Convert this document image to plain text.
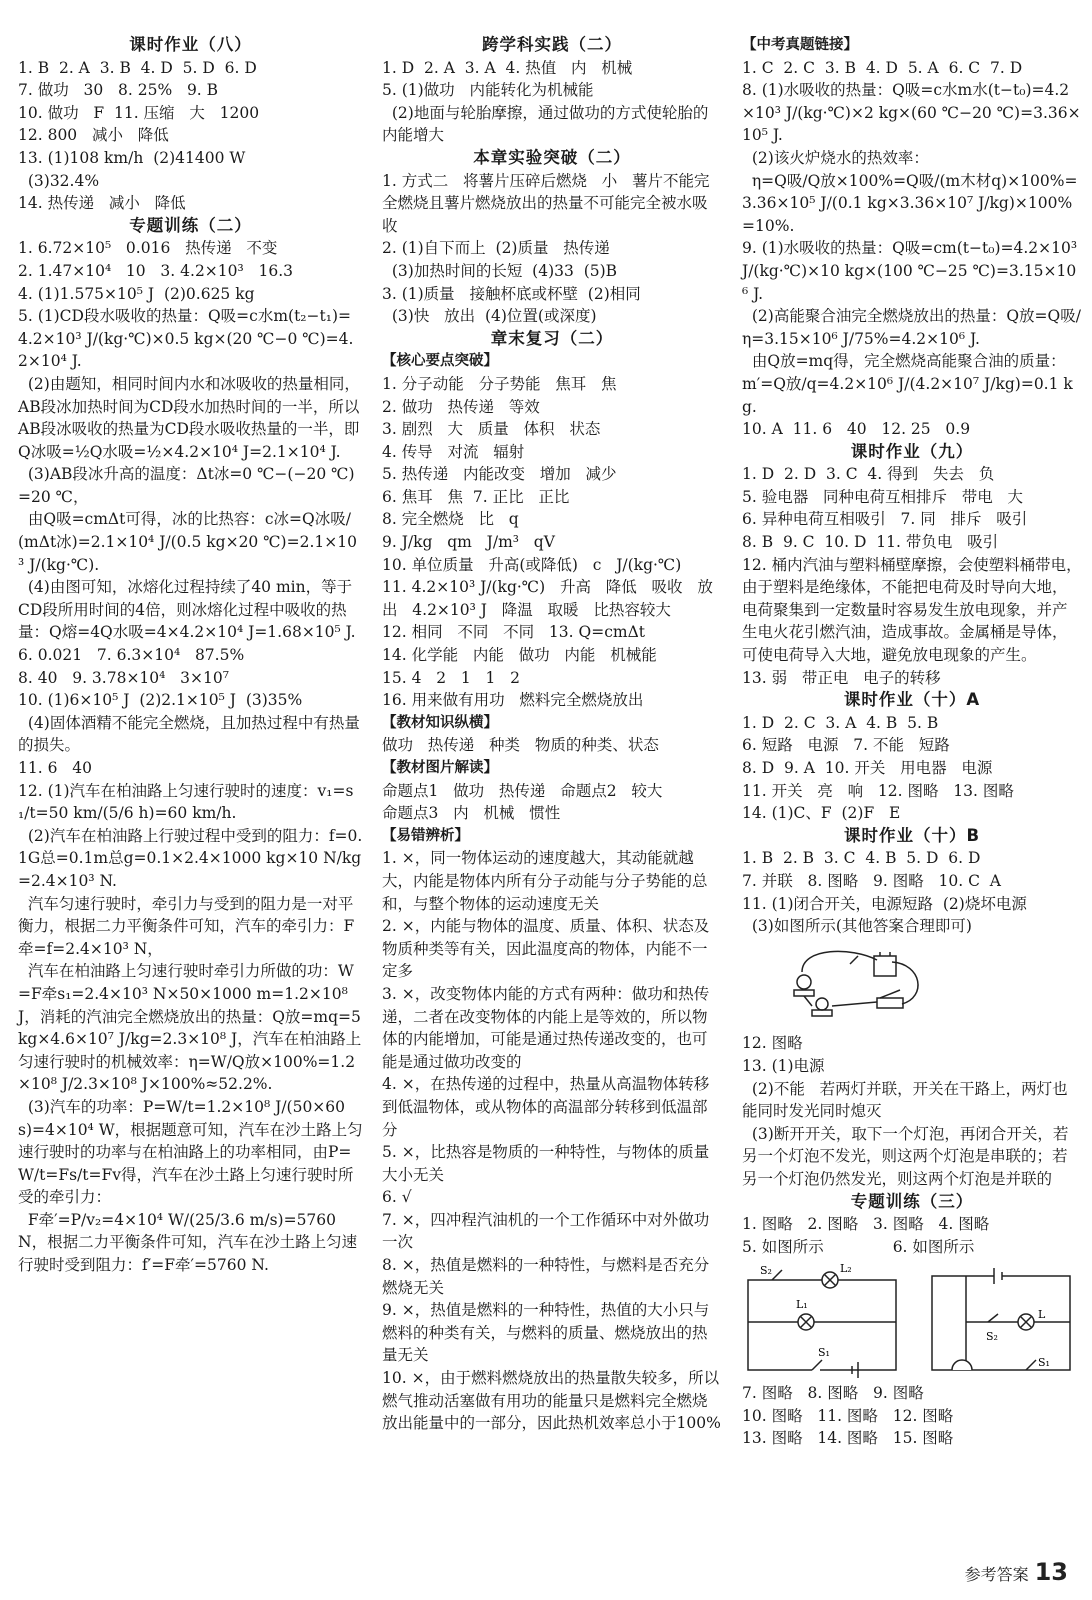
课时作业（八）
1. B  2. A  3. B  4. D  5. D  6. D
7. 做功   30   8. 25%   9. B
10. 做功   F  11. 压缩   大   1200
12. 800   减小   降低
13. (1)108 km/h  (2)41400 W
(3)32.4%
14. 热传递   减小   降低
专题训练（二）
1. 6.72×10⁵   0.016   热传递   不变
2. 1.47×10⁴   10   3. 4.2×10³   16.3
4. (1)1.575×10⁵ J  (2)0.625 kg
5. (1)CD段水吸收的热量：Q吸=c水m(t₂−t₁)=4.2×10³ J/(kg·℃)×0.5 kg×(20 ℃−0 ℃)=4.2×10⁴ J.
(2)由题知，相同时间内水和冰吸收的热量相同，AB段冰加热时间为CD段水加热时间的一半，所以AB段冰吸收的热量为CD段水吸收热量的一半，即Q冰吸=½Q水吸=½×4.2×10⁴ J=2.1×10⁴ J.
(3)AB段冰升高的温度：Δt冰=0 ℃−(−20 ℃)=20 ℃，
由Q吸=cmΔt可得，冰的比热容：c冰=Q冰吸/(mΔt冰)=2.1×10⁴ J/(0.5 kg×20 ℃)=2.1×10³ J/(kg·℃).
(4)由图可知，冰熔化过程持续了40 min，等于CD段所用时间的4倍，则冰熔化过程中吸收的热量：Q熔=4Q水吸=4×4.2×10⁴ J=1.68×10⁵ J.
6. 0.021   7. 6.3×10⁴   87.5%
8. 40   9. 3.78×10⁴   3×10⁷
10. (1)6×10⁵ J  (2)2.1×10⁵ J  (3)35%
(4)固体酒精不能完全燃烧，且加热过程中有热量的损失。
11. 6   40
12. (1)汽车在柏油路上匀速行驶时的速度：v₁=s₁/t=50 km/(5/6 h)=60 km/h.
(2)汽车在柏油路上行驶过程中受到的阻力：f=0.1G总=0.1m总g=0.1×2.4×1000 kg×10 N/kg=2.4×10³ N.
汽车匀速行驶时，牵引力与受到的阻力是一对平衡力，根据二力平衡条件可知，汽车的牵引力：F牵=f=2.4×10³ N，
汽车在柏油路上匀速行驶时牵引力所做的功：W=F牵s₁=2.4×10³ N×50×1000 m=1.2×10⁸ J，消耗的汽油完全燃烧放出的热量：Q放=mq=5 kg×4.6×10⁷ J/kg=2.3×10⁸ J，汽车在柏油路上匀速行驶时的机械效率：η=W/Q放×100%=1.2×10⁸ J/2.3×10⁸ J×100%≈52.2%.
(3)汽车的功率：P=W/t=1.2×10⁸ J/(50×60 s)=4×10⁴ W，根据题意可知，汽车在沙土路上匀速行驶时的功率与在柏油路上的功率相同，由P=W/t=Fs/t=Fv得，汽车在沙土路上匀速行驶时所受的牵引力：
F牵′=P/v₂=4×10⁴ W/(25/3.6 m/s)=5760 N，根据二力平衡条件可知，汽车在沙土路上匀速行驶时受到阻力：f′=F牵′=5760 N.
跨学科实践（二）
1. D  2. A  3. A  4. 热值   内   机械
5. (1)做功   内能转化为机械能
(2)地面与轮胎摩擦，通过做功的方式使轮胎的内能增大
本章实验突破（二）
1. 方式二   将薯片压碎后燃烧   小   薯片不能完全燃烧且薯片燃烧放出的热量不可能完全被水吸收
2. (1)自下而上  (2)质量   热传递
(3)加热时间的长短  (4)33  (5)B
3. (1)质量   接触杯底或杯壁  (2)相同
(3)快   放出  (4)位置(或深度)
章末复习（二）
【核心要点突破】
1. 分子动能   分子势能   焦耳   焦
2. 做功   热传递   等效
3. 剧烈   大   质量   体积   状态
4. 传导   对流   辐射
5. 热传递   内能改变   增加   减少
6. 焦耳   焦  7. 正比   正比
8. 完全燃烧   比   q
9. J/kg   qm   J/m³   qV
10. 单位质量   升高(或降低)   c   J/(kg·℃)
11. 4.2×10³ J/(kg·℃)   升高   降低   吸收   放出   4.2×10³ J   降温   取暖   比热容较大
12. 相同   不同   不同   13. Q=cmΔt
14. 化学能   内能   做功   内能   机械能
15. 4   2   1   1   2
16. 用来做有用功   燃料完全燃烧放出
【教材知识纵横】
做功   热传递   种类   物质的种类、状态
【教材图片解读】
命题点1   做功   热传递   命题点2   较大
命题点3   内   机械   惯性
【易错辨析】
1. ×，同一物体运动的速度越大，其动能就越大，内能是物体内所有分子动能与分子势能的总和，与整个物体的运动速度无关
2. ×，内能与物体的温度、质量、体积、状态及物质种类等有关，因此温度高的物体，内能不一定多
3. ×，改变物体内能的方式有两种：做功和热传递，二者在改变物体的内能上是等效的，所以物体的内能增加，可能是通过热传递改变的，也可能是通过做功改变的
4. ×，在热传递的过程中，热量从高温物体转移到低温物体，或从物体的高温部分转移到低温部分
5. ×，比热容是物质的一种特性，与物体的质量大小无关
6. √
7. ×，四冲程汽油机的一个工作循环中对外做功一次
8. ×，热值是燃料的一种特性，与燃料是否充分燃烧无关
9. ×，热值是燃料的一种特性，热值的大小只与燃料的种类有关，与燃料的质量、燃烧放出的热量无关
10. ×，由于燃料燃烧放出的热量散失较多，所以燃气推动活塞做有用功的能量只是燃料完全燃烧放出能量中的一部分，因此热机效率总小于100%
【中考真题链接】
1. C  2. C  3. B  4. D  5. A  6. C  7. D
8. (1)水吸收的热量：Q吸=c水m水(t−t₀)=4.2×10³ J/(kg·℃)×2 kg×(60 ℃−20 ℃)=3.36×10⁵ J.
(2)该火炉烧水的热效率：
η=Q吸/Q放×100%=Q吸/(m木材q)×100%=3.36×10⁵ J/(0.1 kg×3.36×10⁷ J/kg)×100%=10%.
9. (1)水吸收的热量：Q吸=cm(t−t₀)=4.2×10³ J/(kg·℃)×10 kg×(100 ℃−25 ℃)=3.15×10⁶ J.
(2)高能聚合油完全燃烧放出的热量：Q放=Q吸/η=3.15×10⁶ J/75%=4.2×10⁶ J.
由Q放=mq得，完全燃烧高能聚合油的质量：m′=Q放/q=4.2×10⁶ J/(4.2×10⁷ J/kg)=0.1 kg.
10. A  11. 6   40   12. 25   0.9
课时作业（九）
1. D  2. D  3. C  4. 得到   失去   负
5. 验电器   同种电荷互相排斥   带电   大
6. 异种电荷互相吸引   7. 同   排斥   吸引
8. B  9. C  10. D  11. 带负电   吸引
12. 桶内汽油与塑料桶壁摩擦，会使塑料桶带电，由于塑料是绝缘体，不能把电荷及时导向大地，电荷聚集到一定数量时容易发生放电现象，并产生电火花引燃汽油，造成事故。金属桶是导体，可使电荷导入大地，避免放电现象的产生。
13. 弱   带正电   电子的转移
课时作业（十）A
1. D  2. C  3. A  4. B  5. B
6. 短路   电源   7. 不能   短路
8. D  9. A  10. 开关   用电器   电源
11. 开关   亮   响   12. 图略   13. 图略
14. (1)C、F  (2)F   E
课时作业（十）B
1. B  2. B  3. C  4. B  5. D  6. D
7. 并联   8. 图略   9. 图略   10. C  A
11. (1)闭合开关，电源短路  (2)烧坏电源
(3)如图所示(其他答案合理即可)
12. 图略
13. (1)电源
(2)不能   若两灯并联，开关在干路上，两灯也能同时发光同时熄灭
(3)断开开关，取下一个灯泡，再闭合开关，若另一个灯泡不发光，则这两个灯泡是串联的；若另一个灯泡仍然发光，则这两个灯泡是并联的
专题训练（三）
1. 图略   2. 图略   3. 图略   4. 图略
5. 如图所示              6. 如图所示
S₂	L₂
L₁
S₁
L
S₂
S₁
7. 图略   8. 图略   9. 图略
10. 图略   11. 图略   12. 图略
13. 图略   14. 图略   15. 图略
参考答案 13
